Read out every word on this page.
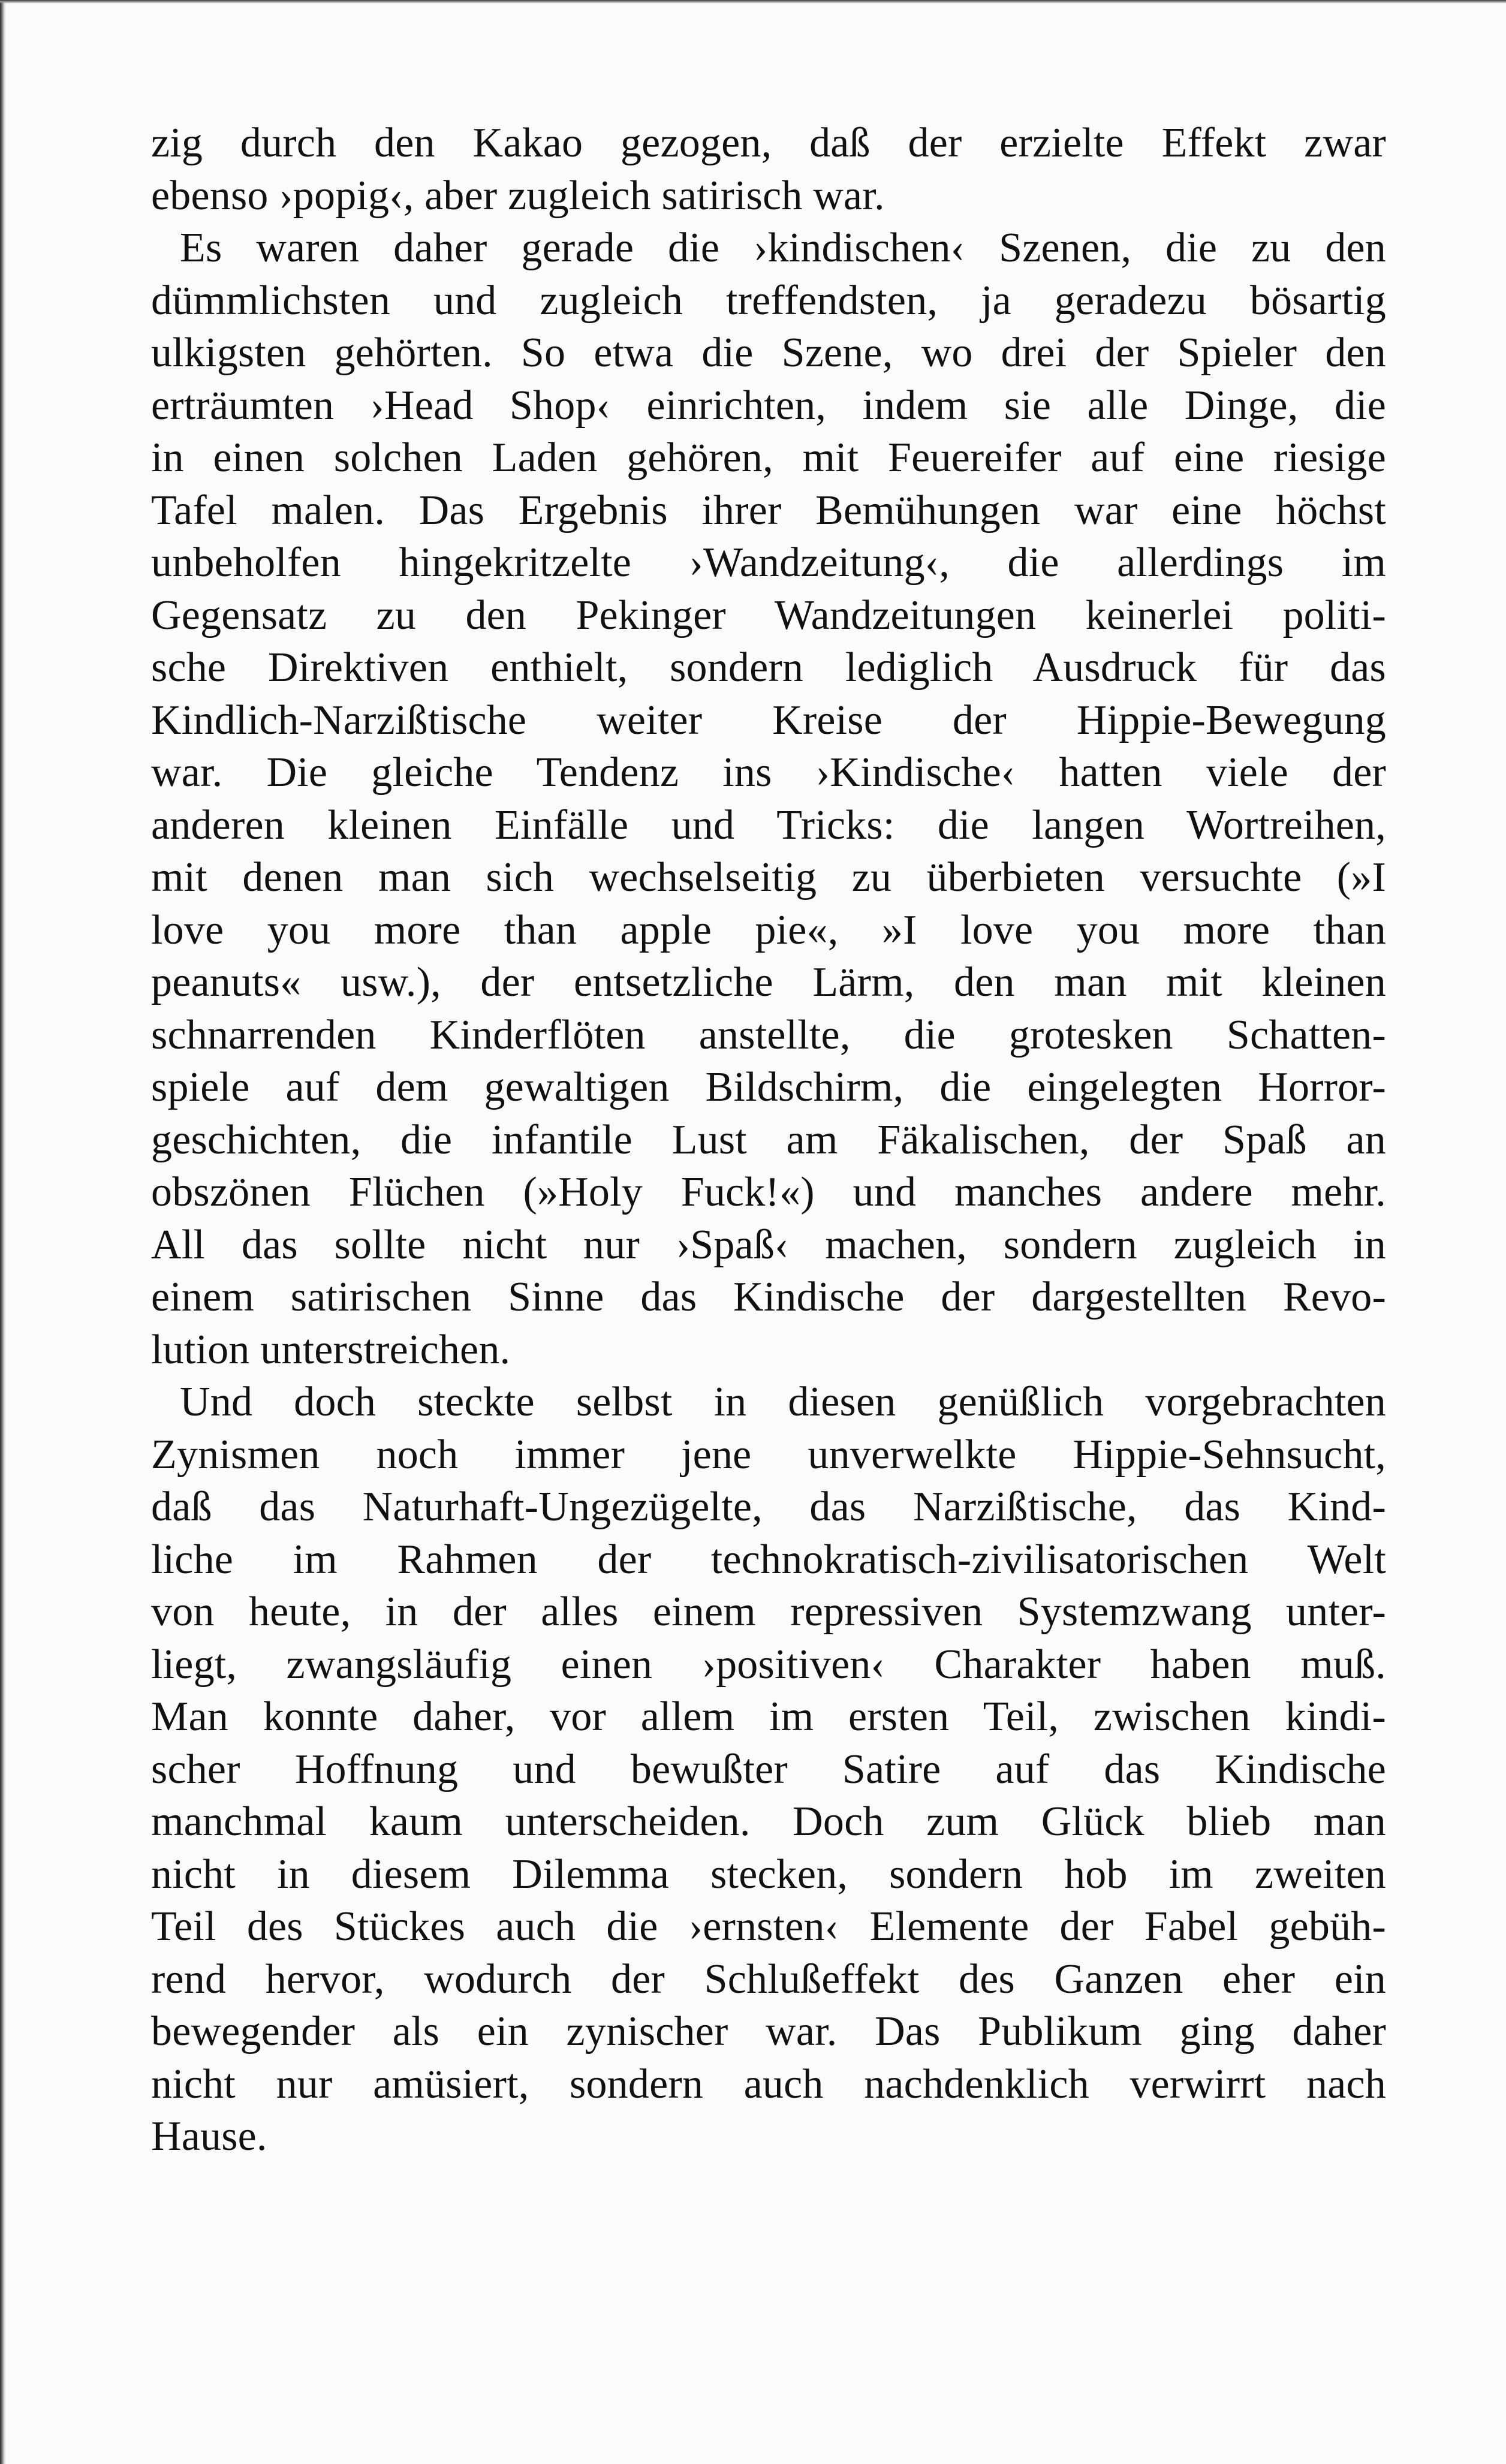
zig durch den Kakao gezogen, daß der erzielte Effekt zwar
ebenso ›popig‹, aber zugleich satirisch war.
Es waren daher gerade die ›kindischen‹ Szenen, die zu den
dümmlichsten und zugleich treffendsten, ja geradezu bösartig
ulkigsten gehörten. So etwa die Szene, wo drei der Spieler den
erträumten ›Head Shop‹ einrichten, indem sie alle Dinge, die
in einen solchen Laden gehören, mit Feuereifer auf eine riesige
Tafel malen. Das Ergebnis ihrer Bemühungen war eine höchst
unbeholfen hingekritzelte ›Wandzeitung‹, die allerdings im
Gegensatz zu den Pekinger Wandzeitungen keinerlei politi-
sche Direktiven enthielt, sondern lediglich Ausdruck für das
Kindlich-Narzißtische weiter Kreise der Hippie-Bewegung
war. Die gleiche Tendenz ins ›Kindische‹ hatten viele der
anderen kleinen Einfälle und Tricks: die langen Wortreihen,
mit denen man sich wechselseitig zu überbieten versuchte (»I
love you more than apple pie«, »I love you more than
peanuts« usw.), der entsetzliche Lärm, den man mit kleinen
schnarrenden Kinderflöten anstellte, die grotesken Schatten-
spiele auf dem gewaltigen Bildschirm, die eingelegten Horror-
geschichten, die infantile Lust am Fäkalischen, der Spaß an
obszönen Flüchen (»Holy Fuck!«) und manches andere mehr.
All das sollte nicht nur ›Spaß‹ machen, sondern zugleich in
einem satirischen Sinne das Kindische der dargestellten Revo-
lution unterstreichen.
Und doch steckte selbst in diesen genüßlich vorgebrachten
Zynismen noch immer jene unverwelkte Hippie-Sehnsucht,
daß das Naturhaft-Ungezügelte, das Narzißtische, das Kind-
liche im Rahmen der technokratisch-zivilisatorischen Welt
von heute, in der alles einem repressiven Systemzwang unter-
liegt, zwangsläufig einen ›positiven‹ Charakter haben muß.
Man konnte daher, vor allem im ersten Teil, zwischen kindi-
scher Hoffnung und bewußter Satire auf das Kindische
manchmal kaum unterscheiden. Doch zum Glück blieb man
nicht in diesem Dilemma stecken, sondern hob im zweiten
Teil des Stückes auch die ›ernsten‹ Elemente der Fabel gebüh-
rend hervor, wodurch der Schlußeffekt des Ganzen eher ein
bewegender als ein zynischer war. Das Publikum ging daher
nicht nur amüsiert, sondern auch nachdenklich verwirrt nach
Hause.
